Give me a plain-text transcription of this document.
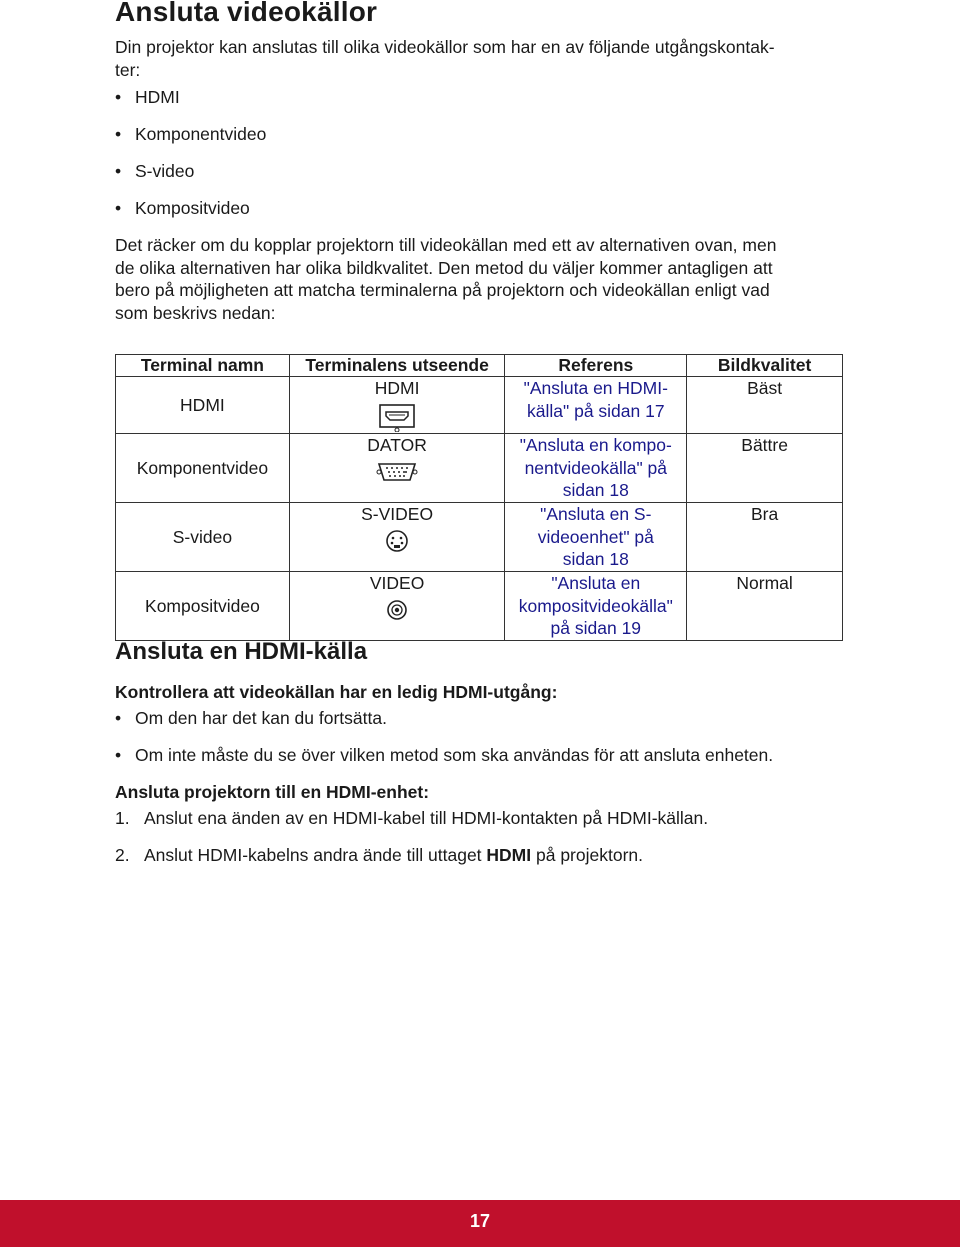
Ansluta videokällor
Din projektor kan anslutas till olika videokällor som har en av följande utgångskontak-
ter:
• HDMI
• Komponentvideo
• S-video
• Kompositvideo
Det räcker om du kopplar projektorn till videokällan med ett av alternativen ovan, men
de olika alternativen har olika bildkvalitet. Den metod du väljer kommer antagligen att
bero på möjligheten att matcha terminalerna på projektorn och videokällan enligt vad
som beskrivs nedan:
Terminal namn	Terminalens utseende	Referens	Bildkvalitet
HDMI	HDMI	"Ansluta en HDMI-
källa" på sidan 17	Bäst
Komponentvideo	DATOR	"Ansluta en kompo-
nentvideokälla" på
sidan 18	Bättre
S-video	S-VIDEO	"Ansluta en S-
videoenhet" på
sidan 18	Bra
Kompositvideo	VIDEO	"Ansluta en
kompositvideokälla"
på sidan 19	Normal
Ansluta en HDMI-källa
Kontrollera att videokällan har en ledig HDMI-utgång:
• Om den har det kan du fortsätta.
• Om inte måste du se över vilken metod som ska användas för att ansluta enheten.
Ansluta projektorn till en HDMI-enhet:
1. Anslut ena änden av en HDMI-kabel till HDMI-kontakten på HDMI-källan.
2. Anslut HDMI-kabelns andra ände till uttaget HDMI på projektorn.
17
